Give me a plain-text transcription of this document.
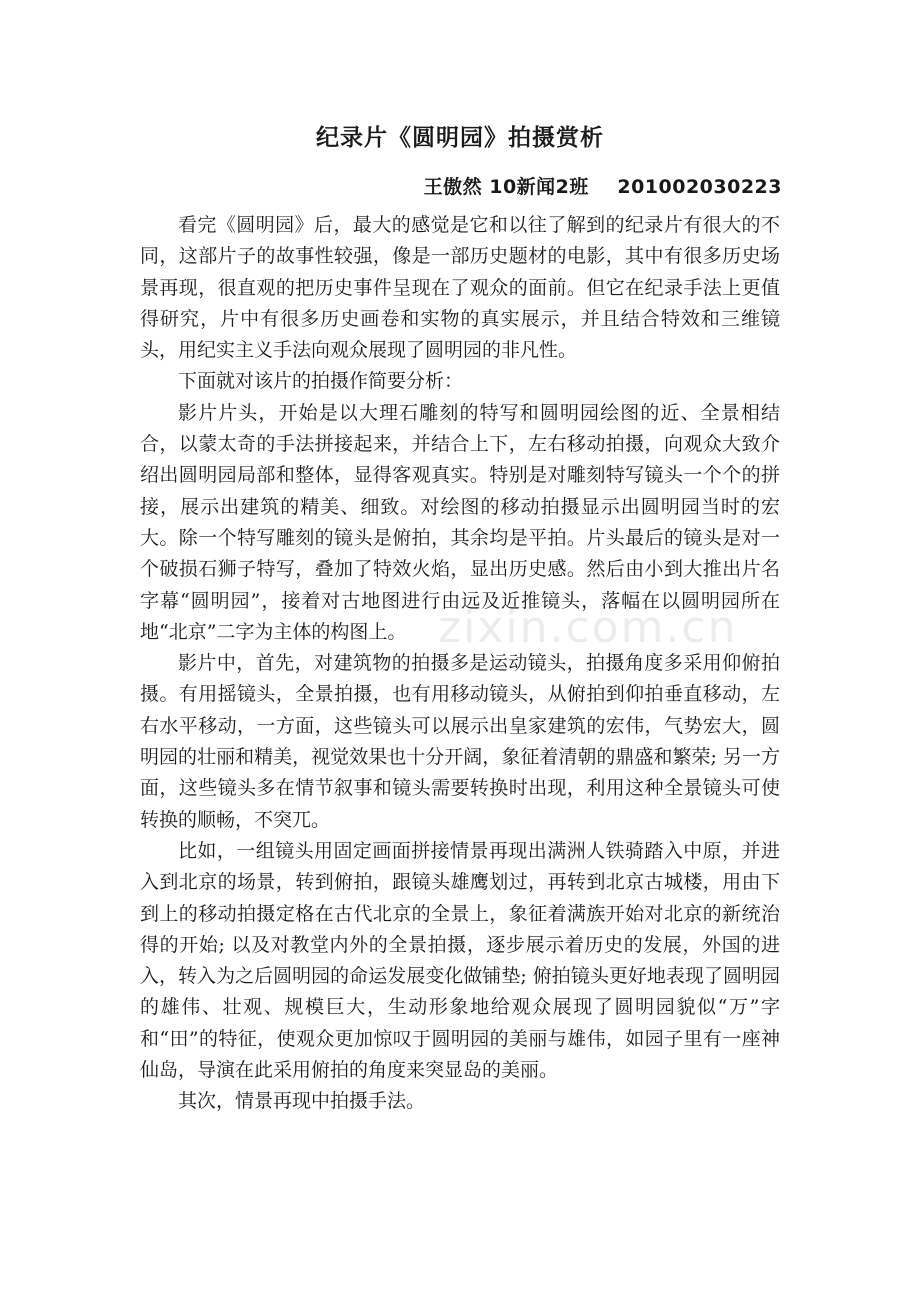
纪录片《圆明园》拍摄赏析
王傲然 10新闻2班    201002030223

看完《圆明园》后，最大的感觉是它和以往了解到的纪录片有很大的不同，这部片子的故事性较强，像是一部历史题材的电影，其中有很多历史场景再现，很直观的把历史事件呈现在了观众的面前。但它在纪录手法上更值得研究，片中有很多历史画卷和实物的真实展示，并且结合特效和三维镜头，用纪实主义手法向观众展现了圆明园的非凡性。

下面就对该片的拍摄作简要分析：

影片片头，开始是以大理石雕刻的特写和圆明园绘图的近、全景相结合，以蒙太奇的手法拼接起来，并结合上下，左右移动拍摄，向观众大致介绍出圆明园局部和整体，显得客观真实。特别是对雕刻特写镜头一个个的拼接，展示出建筑的精美、细致。对绘图的移动拍摄显示出圆明园当时的宏大。除一个特写雕刻的镜头是俯拍，其余均是平拍。片头最后的镜头是对一个破损石狮子特写，叠加了特效火焰，显出历史感。然后由小到大推出片名字幕“圆明园”，接着对古地图进行由远及近推镜头，落幅在以圆明园所在地“北京”二字为主体的构图上。

影片中，首先，对建筑物的拍摄多是运动镜头，拍摄角度多采用仰俯拍摄。有用摇镜头，全景拍摄，也有用移动镜头，从俯拍到仰拍垂直移动，左右水平移动，一方面，这些镜头可以展示出皇家建筑的宏伟，气势宏大，圆明园的壮丽和精美，视觉效果也十分开阔，象征着清朝的鼎盛和繁荣; 另一方面，这些镜头多在情节叙事和镜头需要转换时出现，利用这种全景镜头可使转换的顺畅，不突兀。

比如，一组镜头用固定画面拼接情景再现出满洲人铁骑踏入中原，并进入到北京的场景，转到俯拍，跟镜头雄鹰划过，再转到北京古城楼，用由下到上的移动拍摄定格在古代北京的全景上，象征着满族开始对北京的新统治得的开始; 以及对教堂内外的全景拍摄，逐步展示着历史的发展，外国的进入，转入为之后圆明园的命运发展变化做铺垫; 俯拍镜头更好地表现了圆明园的雄伟、壮观、规模巨大，生动形象地给观众展现了圆明园貌似“万”字和“田”的特征，使观众更加惊叹于圆明园的美丽与雄伟，如园子里有一座神仙岛，导演在此采用俯拍的角度来突显岛的美丽。

其次，情景再现中拍摄手法。

zixin.com.cn
